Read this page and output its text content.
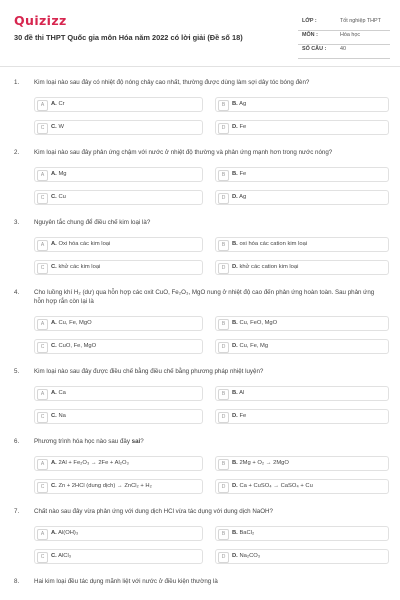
Quizizz
30 đề thi THPT Quốc gia môn Hóa năm 2022 có lời giải (Đề số 18)
LỚP :	Tốt nghiệp THPT
MÔN :	Hóa học
SỐ CÂU :	40
1. Kim loại nào sau đây có nhiệt độ nóng chảy cao nhất, thường được dùng làm sợi dây tóc bóng đèn?
A	A. Cr	B	B. Ag
C	C. W	D	D. Fe
2. Kim loại nào sau đây phản ứng chậm với nước ở nhiệt độ thường và phản ứng mạnh hơn trong nước nóng?
A	A. Mg	B	B. Fe
C	C. Cu	D	D. Ag
3. Nguyên tắc chung để điều chế kim loại là?
A	A. Oxi hóa các kim loại	B	B. oxi hóa các cation kim loại
C	C. khử các kim loại	D	D. khử các cation kim loại
4. Cho luồng khí H₂ (dư) qua hỗn hợp các oxit CuO, Fe₂O₃, MgO nung ở nhiệt độ cao đến phản ứng hoàn toàn. Sau phản ứng hỗn hợp rắn còn lại là
A	A. Cu, Fe, MgO	B	B. Cu, FeO, MgO
C	C. CuO, Fe, MgO	D	D. Cu, Fe, Mg
5. Kim loại nào sau đây được điều chế bằng điều chế bằng phương pháp nhiệt luyện?
A	A. Ca	B	B. Al
C	C. Na	D	D. Fe
6. Phương trình hóa học nào sau đây sai?
A	A. 2Al + Fe₂O₃ → 2Fe + Al₂O₃	B	B. 2Mg + O₂ → 2MgO
C	C. Zn + 2HCl (dung dịch) → ZnCl₂ + H₂	D	D. Ca + CuSO₄ → CaSO₄ + Cu
7. Chất nào sau đây vừa phản ứng với dung dịch HCl vừa tác dụng với dung dịch NaOH?
A	A. Al(OH)₃	B	B. BaCl₂
C	C. AlCl₃	D	D. Na₂CO₃
8. Hai kim loại đều tác dụng mãnh liệt với nước ở điều kiện thường là
